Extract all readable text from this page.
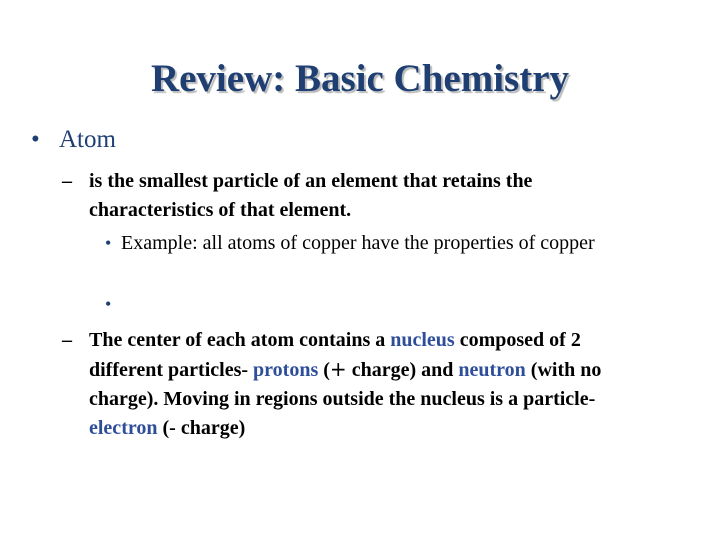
Review: Basic Chemistry
• Atom
– is the smallest particle of an element that retains the characteristics of that element.
• Example: all atoms of copper have the properties of copper
•
– The center of each atom contains a nucleus composed of 2 different particles- protons (+ charge) and neutron (with no charge). Moving in regions outside the nucleus is a particle- electron (- charge)
